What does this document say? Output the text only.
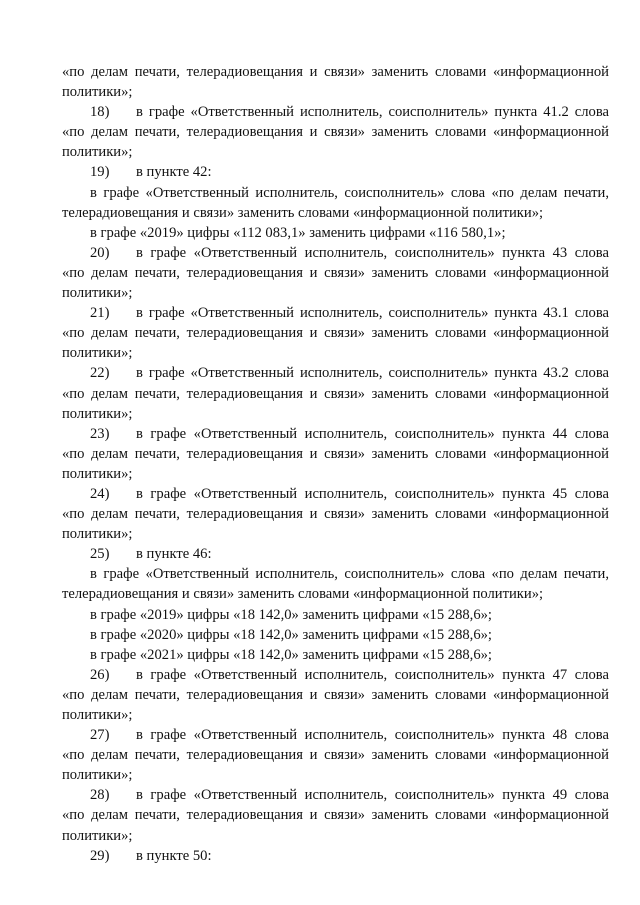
«по делам печати, телерадиовещания и связи» заменить словами «информационной

политики»;

18) в графе «Ответственный исполнитель, соисполнитель» пункта 41.2 слова

«по делам печати, телерадиовещания и связи» заменить словами «информационной

политики»;

19) в пункте 42:

в графе «Ответственный исполнитель, соисполнитель» слова «по делам печати,

телерадиовещания и связи» заменить словами «информационной политики»;

в графе «2019» цифры «112 083,1» заменить цифрами «116 580,1»;

20) в графе «Ответственный исполнитель, соисполнитель» пункта 43 слова

«по делам печати, телерадиовещания и связи» заменить словами «информационной

политики»;

21) в графе «Ответственный исполнитель, соисполнитель» пункта 43.1 слова

«по делам печати, телерадиовещания и связи» заменить словами «информационной

политики»;

22) в графе «Ответственный исполнитель, соисполнитель» пункта 43.2 слова

«по делам печати, телерадиовещания и связи» заменить словами «информационной

политики»;

23) в графе «Ответственный исполнитель, соисполнитель» пункта 44 слова

«по делам печати, телерадиовещания и связи» заменить словами «информационной

политики»;

24) в графе «Ответственный исполнитель, соисполнитель» пункта 45 слова

«по делам печати, телерадиовещания и связи» заменить словами «информационной

политики»;

25) в пункте 46:

в графе «Ответственный исполнитель, соисполнитель» слова «по делам печати,

телерадиовещания и связи» заменить словами «информационной политики»;

в графе «2019» цифры «18 142,0» заменить цифрами «15 288,6»;

в графе «2020» цифры «18 142,0» заменить цифрами «15 288,6»;

в графе «2021» цифры «18 142,0» заменить цифрами «15 288,6»;

26) в графе «Ответственный исполнитель, соисполнитель» пункта 47 слова

«по делам печати, телерадиовещания и связи» заменить словами «информационной

политики»;

27) в графе «Ответственный исполнитель, соисполнитель» пункта 48 слова

«по делам печати, телерадиовещания и связи» заменить словами «информационной

политики»;

28) в графе «Ответственный исполнитель, соисполнитель» пункта 49 слова

«по делам печати, телерадиовещания и связи» заменить словами «информационной

политики»;

29) в пункте 50:
